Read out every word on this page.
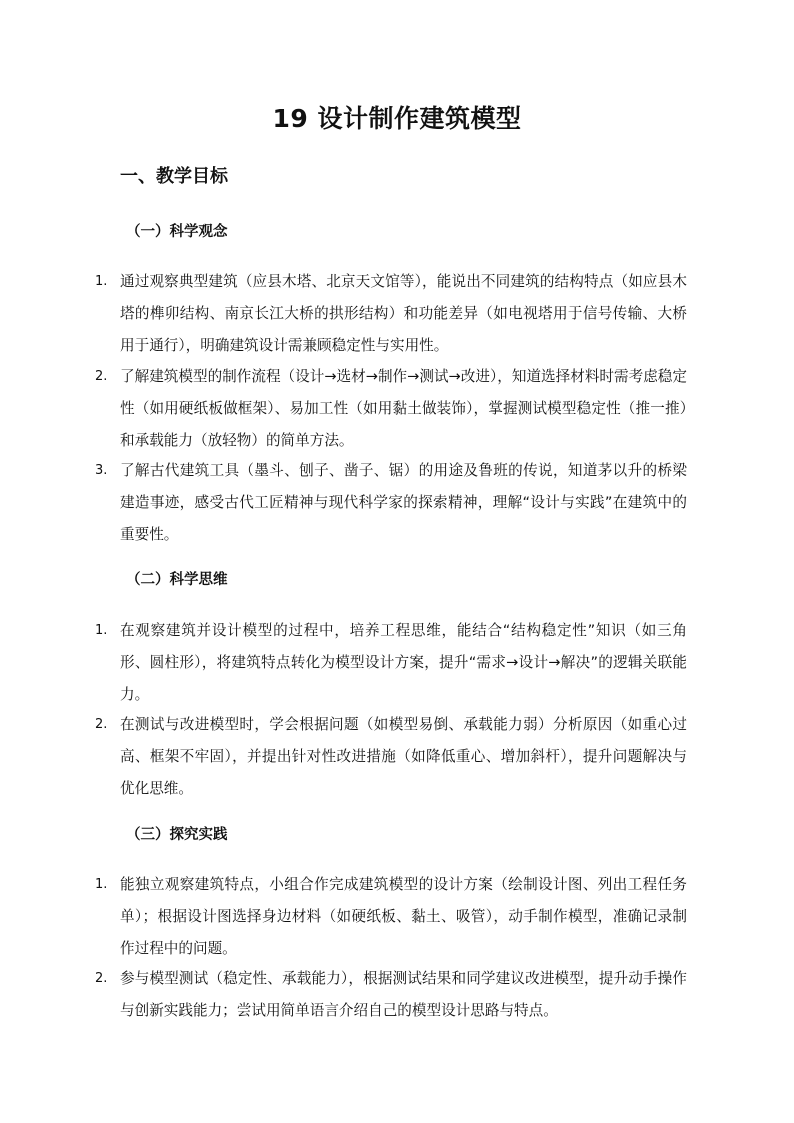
19 设计制作建筑模型
一、教学目标
（一）科学观念
1. 通过观察典型建筑（应县木塔、北京天文馆等），能说出不同建筑的结构特点（如应县木塔的榫卯结构、南京长江大桥的拱形结构）和功能差异（如电视塔用于信号传输、大桥用于通行），明确建筑设计需兼顾稳定性与实用性。
2. 了解建筑模型的制作流程（设计→选材→制作→测试→改进），知道选择材料时需考虑稳定性（如用硬纸板做框架）、易加工性（如用黏土做装饰），掌握测试模型稳定性（推一推）和承载能力（放轻物）的简单方法。
3. 了解古代建筑工具（墨斗、刨子、凿子、锯）的用途及鲁班的传说，知道茅以升的桥梁建造事迹，感受古代工匠精神与现代科学家的探索精神，理解“设计与实践”在建筑中的重要性。
（二）科学思维
1. 在观察建筑并设计模型的过程中，培养工程思维，能结合“结构稳定性”知识（如三角形、圆柱形），将建筑特点转化为模型设计方案，提升“需求→设计→解决”的逻辑关联能力。
2. 在测试与改进模型时，学会根据问题（如模型易倒、承载能力弱）分析原因（如重心过高、框架不牢固），并提出针对性改进措施（如降低重心、增加斜杆），提升问题解决与优化思维。
（三）探究实践
1. 能独立观察建筑特点，小组合作完成建筑模型的设计方案（绘制设计图、列出工程任务单）；根据设计图选择身边材料（如硬纸板、黏土、吸管），动手制作模型，准确记录制作过程中的问题。
2. 参与模型测试（稳定性、承载能力），根据测试结果和同学建议改进模型，提升动手操作与创新实践能力；尝试用简单语言介绍自己的模型设计思路与特点。
